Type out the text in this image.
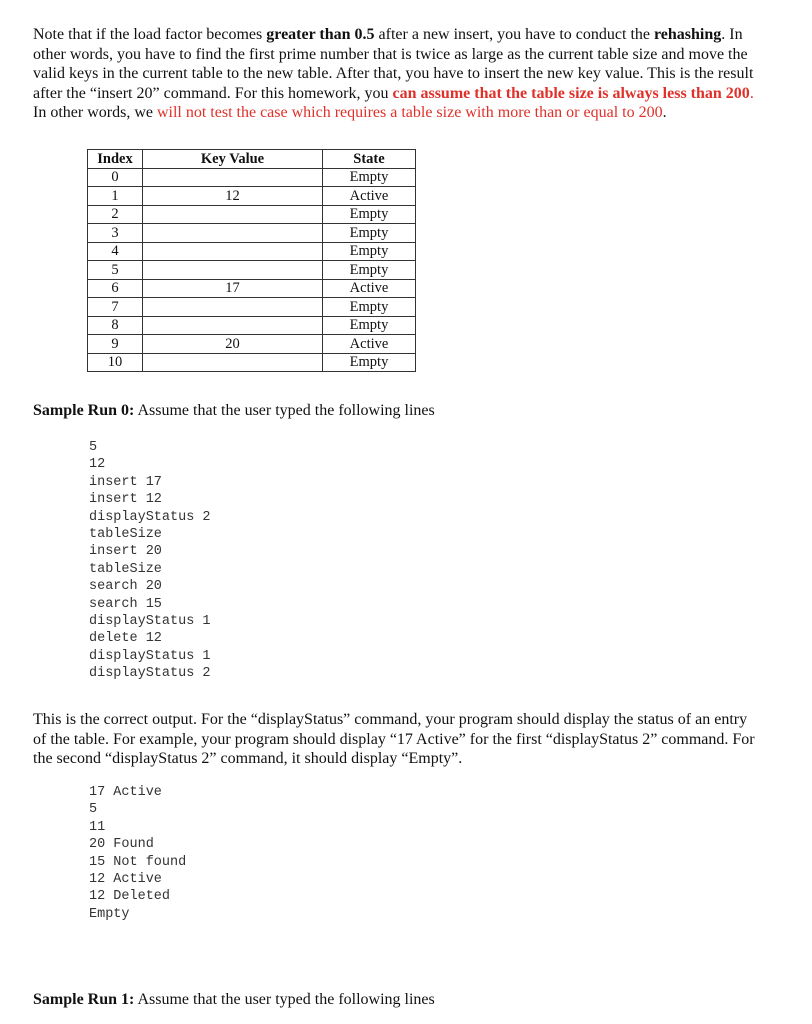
Note that if the load factor becomes greater than 0.5 after a new insert, you have to conduct the rehashing. In other words, you have to find the first prime number that is twice as large as the current table size and move the valid keys in the current table to the new table. After that, you have to insert the new key value. This is the result after the “insert 20” command. For this homework, you can assume that the table size is always less than 200. In other words, we will not test the case which requires a table size with more than or equal to 200.
Index	Key Value	State
0		Empty
1	12	Active
2		Empty
3		Empty
4		Empty
5		Empty
6	17	Active
7		Empty
8		Empty
9	20	Active
10		Empty
Sample Run 0: Assume that the user typed the following lines
5
12
insert 17
insert 12
displayStatus 2
tableSize
insert 20
tableSize
search 20
search 15
displayStatus 1
delete 12
displayStatus 1
displayStatus 2
This is the correct output. For the “displayStatus” command, your program should display the status of an entry of the table. For example, your program should display “17 Active” for the first “displayStatus 2” command. For the second “displayStatus 2” command, it should display “Empty”.
17 Active
5
11
20 Found
15 Not found
12 Active
12 Deleted
Empty
Sample Run 1: Assume that the user typed the following lines
